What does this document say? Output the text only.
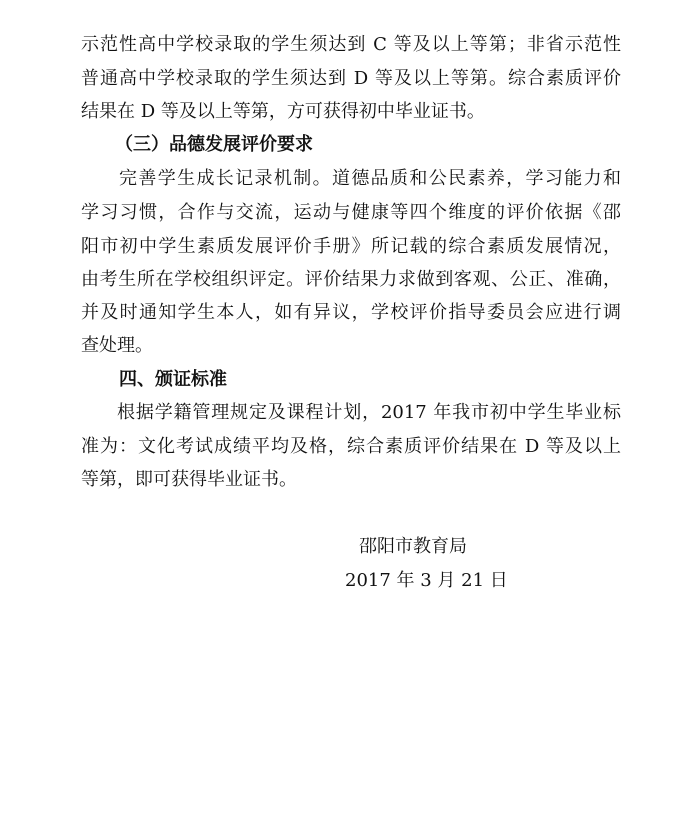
示范性高中学校录取的学生须达到 C 等及以上等第；非省示范性
普通高中学校录取的学生须达到 D 等及以上等第。综合素质评价
结果在 D 等及以上等第，方可获得初中毕业证书。
（三）品德发展评价要求
完善学生成长记录机制。道德品质和公民素养，学习能力和
学习习惯，合作与交流，运动与健康等四个维度的评价依据《邵
阳市初中学生素质发展评价手册》所记载的综合素质发展情况，
由考生所在学校组织评定。评价结果力求做到客观、公正、准确，
并及时通知学生本人，如有异议，学校评价指导委员会应进行调
查处理。
四、颁证标准
根据学籍管理规定及课程计划，2017 年我市初中学生毕业标
准为：文化考试成绩平均及格，综合素质评价结果在 D 等及以上
等第，即可获得毕业证书。
邵阳市教育局
2017 年 3 月 21 日
